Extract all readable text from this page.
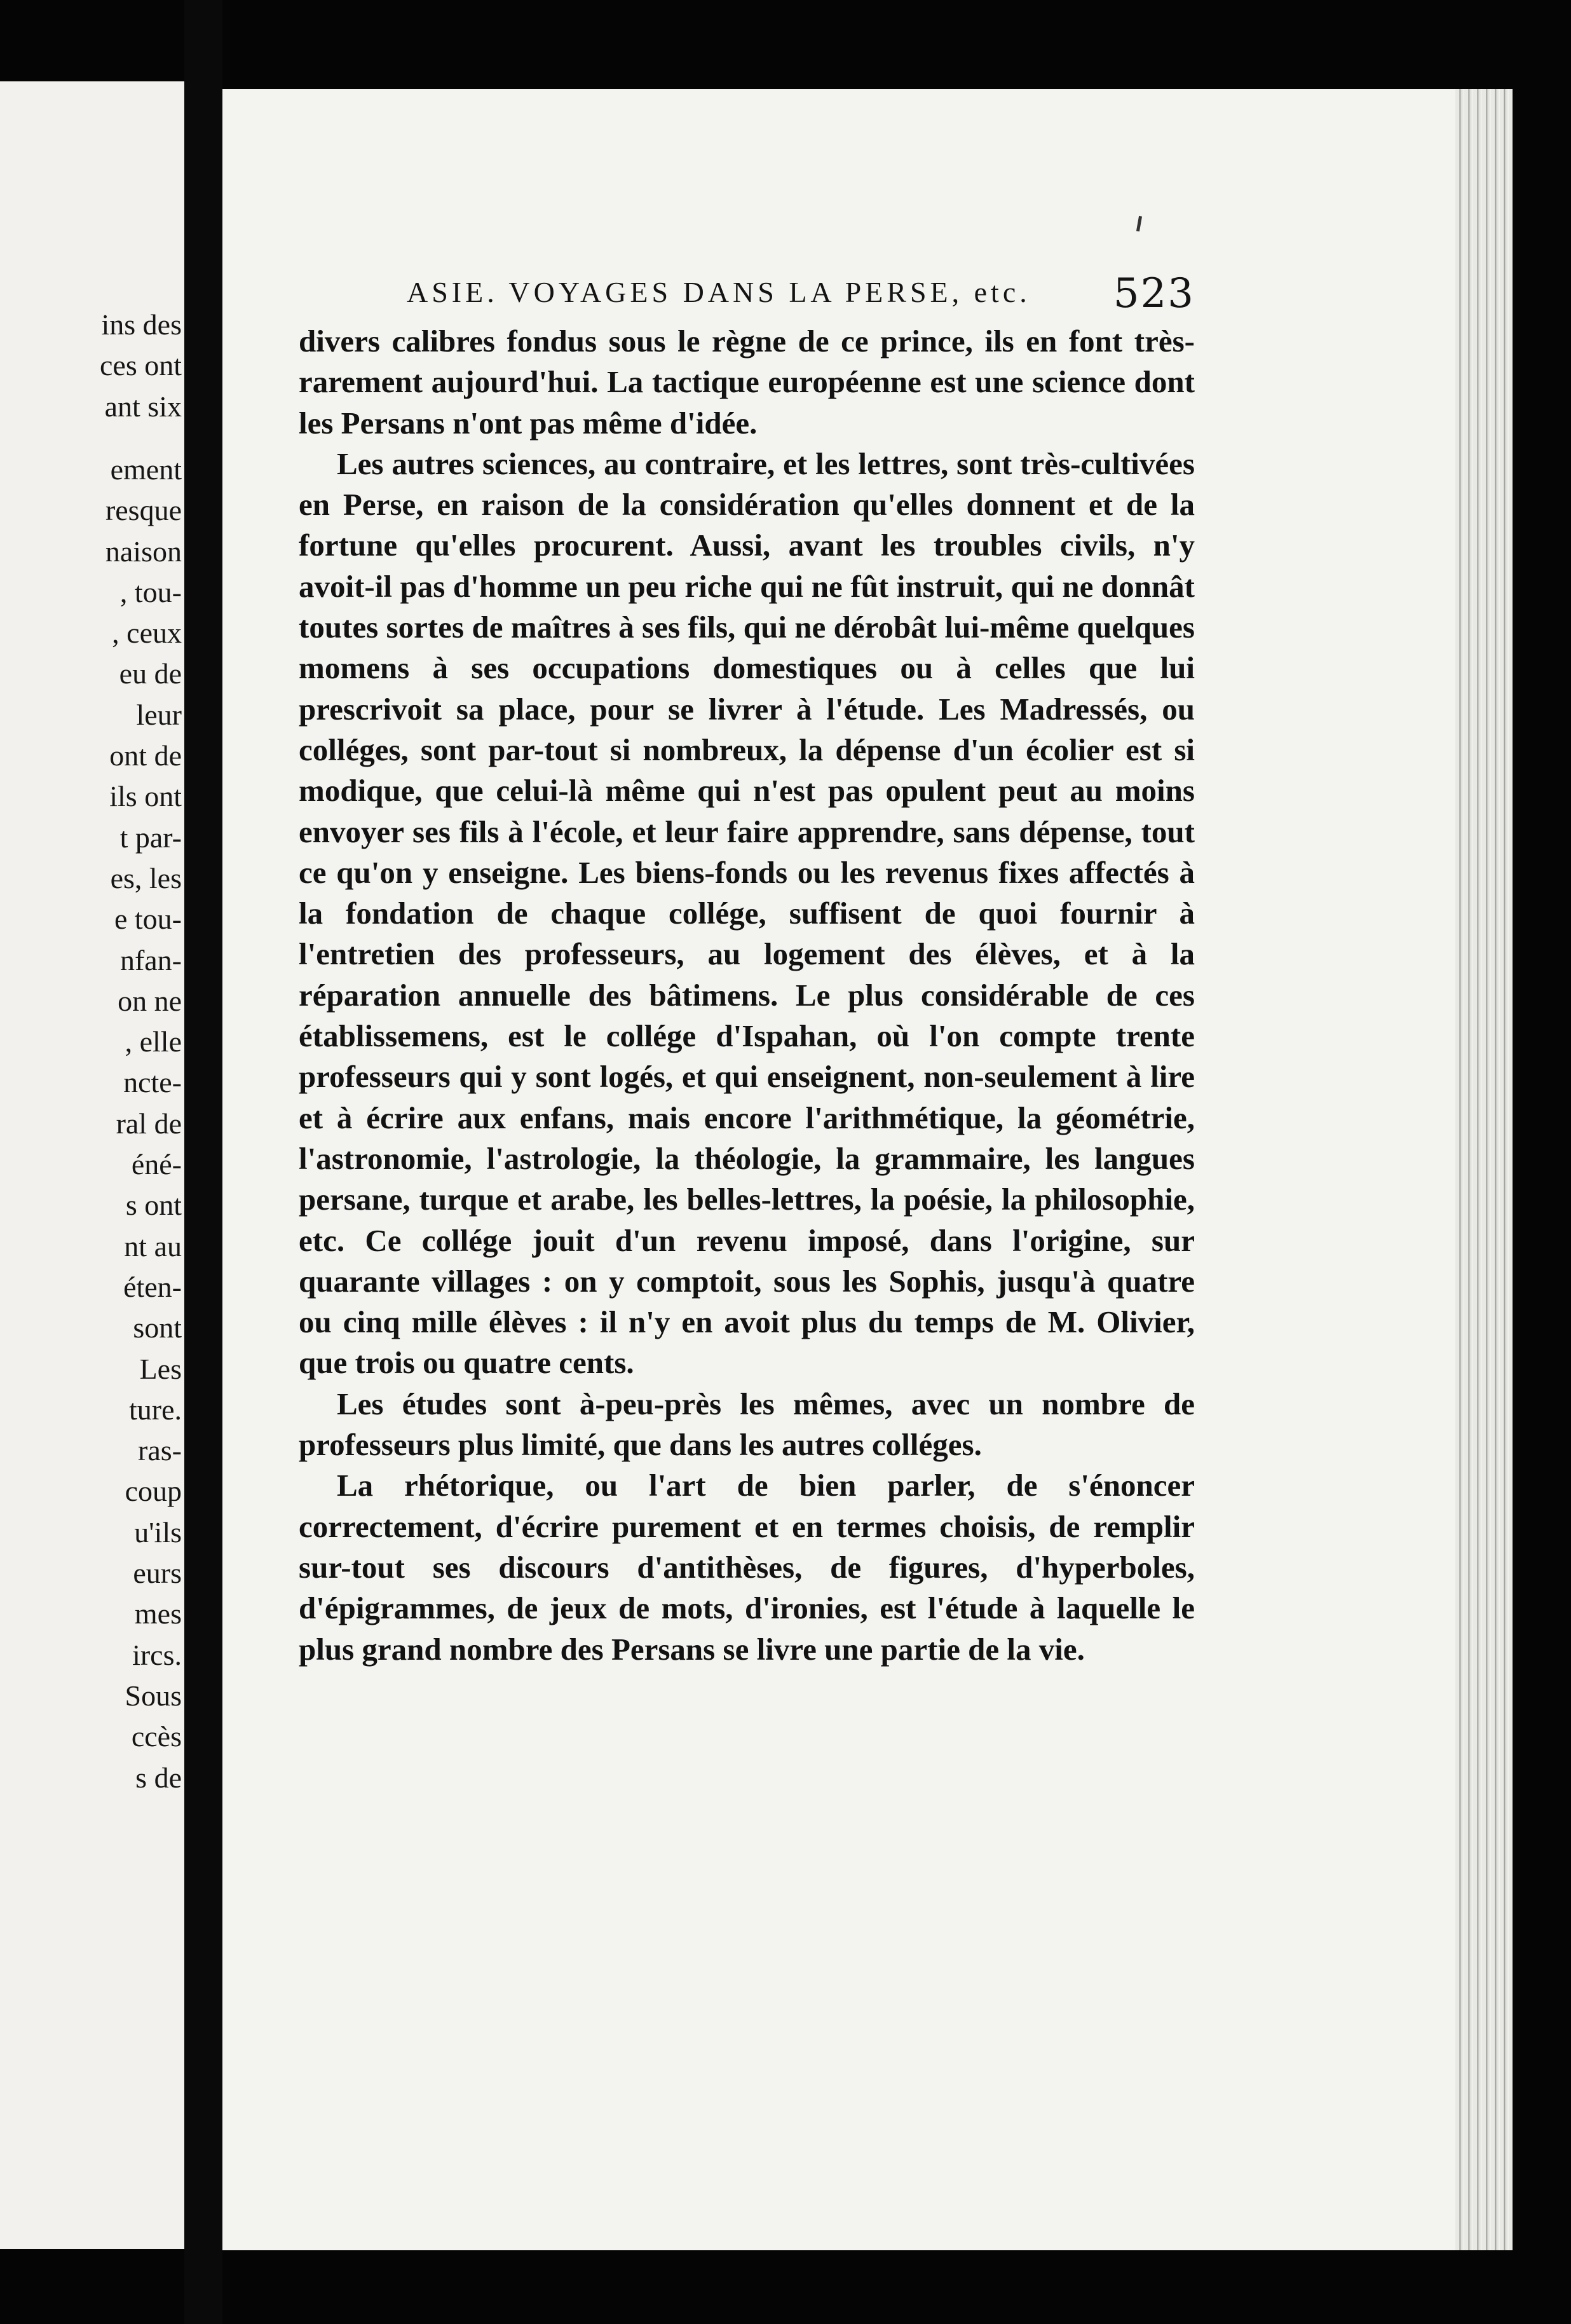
ins des
ces ont
ant six
ement
resque
naison
, tou-
, ceux
eu de
leur
ont de
ils ont
t par-
es, les
e tou-
nfan-
on ne
, elle
ncte-
ral de
éné-
s ont
nt au
éten-
sont
Les
ture.
ras-
coup
u'ils
eurs
mes
ircs.
Sous
ccès
s de
ASIE. VOYAGES DANS LA PERSE, etc. 523

divers calibres fondus sous le règne de ce prince, ils en font très-rarement aujourd'hui. La tactique européenne est une science dont les Persans n'ont pas même d'idée.

Les autres sciences, au contraire, et les lettres, sont très-cultivées en Perse, en raison de la considération qu'elles donnent et de la fortune qu'elles procurent. Aussi, avant les troubles civils, n'y avoit-il pas d'homme un peu riche qui ne fût instruit, qui ne donnât toutes sortes de maîtres à ses fils, qui ne dérobât lui-même quelques momens à ses occupations domestiques ou à celles que lui prescrivoit sa place, pour se livrer à l'étude. Les Madressés, ou colléges, sont par-tout si nombreux, la dépense d'un écolier est si modique, que celui-là même qui n'est pas opulent peut au moins envoyer ses fils à l'école, et leur faire apprendre, sans dépense, tout ce qu'on y enseigne. Les biens-fonds ou les revenus fixes affectés à la fondation de chaque collége, suffisent de quoi fournir à l'entretien des professeurs, au logement des élèves, et à la réparation annuelle des bâtimens. Le plus considérable de ces établissemens, est le collége d'Ispahan, où l'on compte trente professeurs qui y sont logés, et qui enseignent, non-seulement à lire et à écrire aux enfans, mais encore l'arithmétique, la géométrie, l'astronomie, l'astrologie, la théologie, la grammaire, les langues persane, turque et arabe, les belles-lettres, la poésie, la philosophie, etc. Ce collége jouit d'un revenu imposé, dans l'origine, sur quarante villages : on y comptoit, sous les Sophis, jusqu'à quatre ou cinq mille élèves : il n'y en avoit plus du temps de M. Olivier, que trois ou quatre cents.

Les études sont à-peu-près les mêmes, avec un nombre de professeurs plus limité, que dans les autres colléges.

La rhétorique, ou l'art de bien parler, de s'énoncer correctement, d'écrire purement et en termes choisis, de remplir sur-tout ses discours d'antithèses, de figures, d'hyperboles, d'épigrammes, de jeux de mots, d'ironies, est l'étude à laquelle le plus grand nombre des Persans se livre une partie de la vie.
